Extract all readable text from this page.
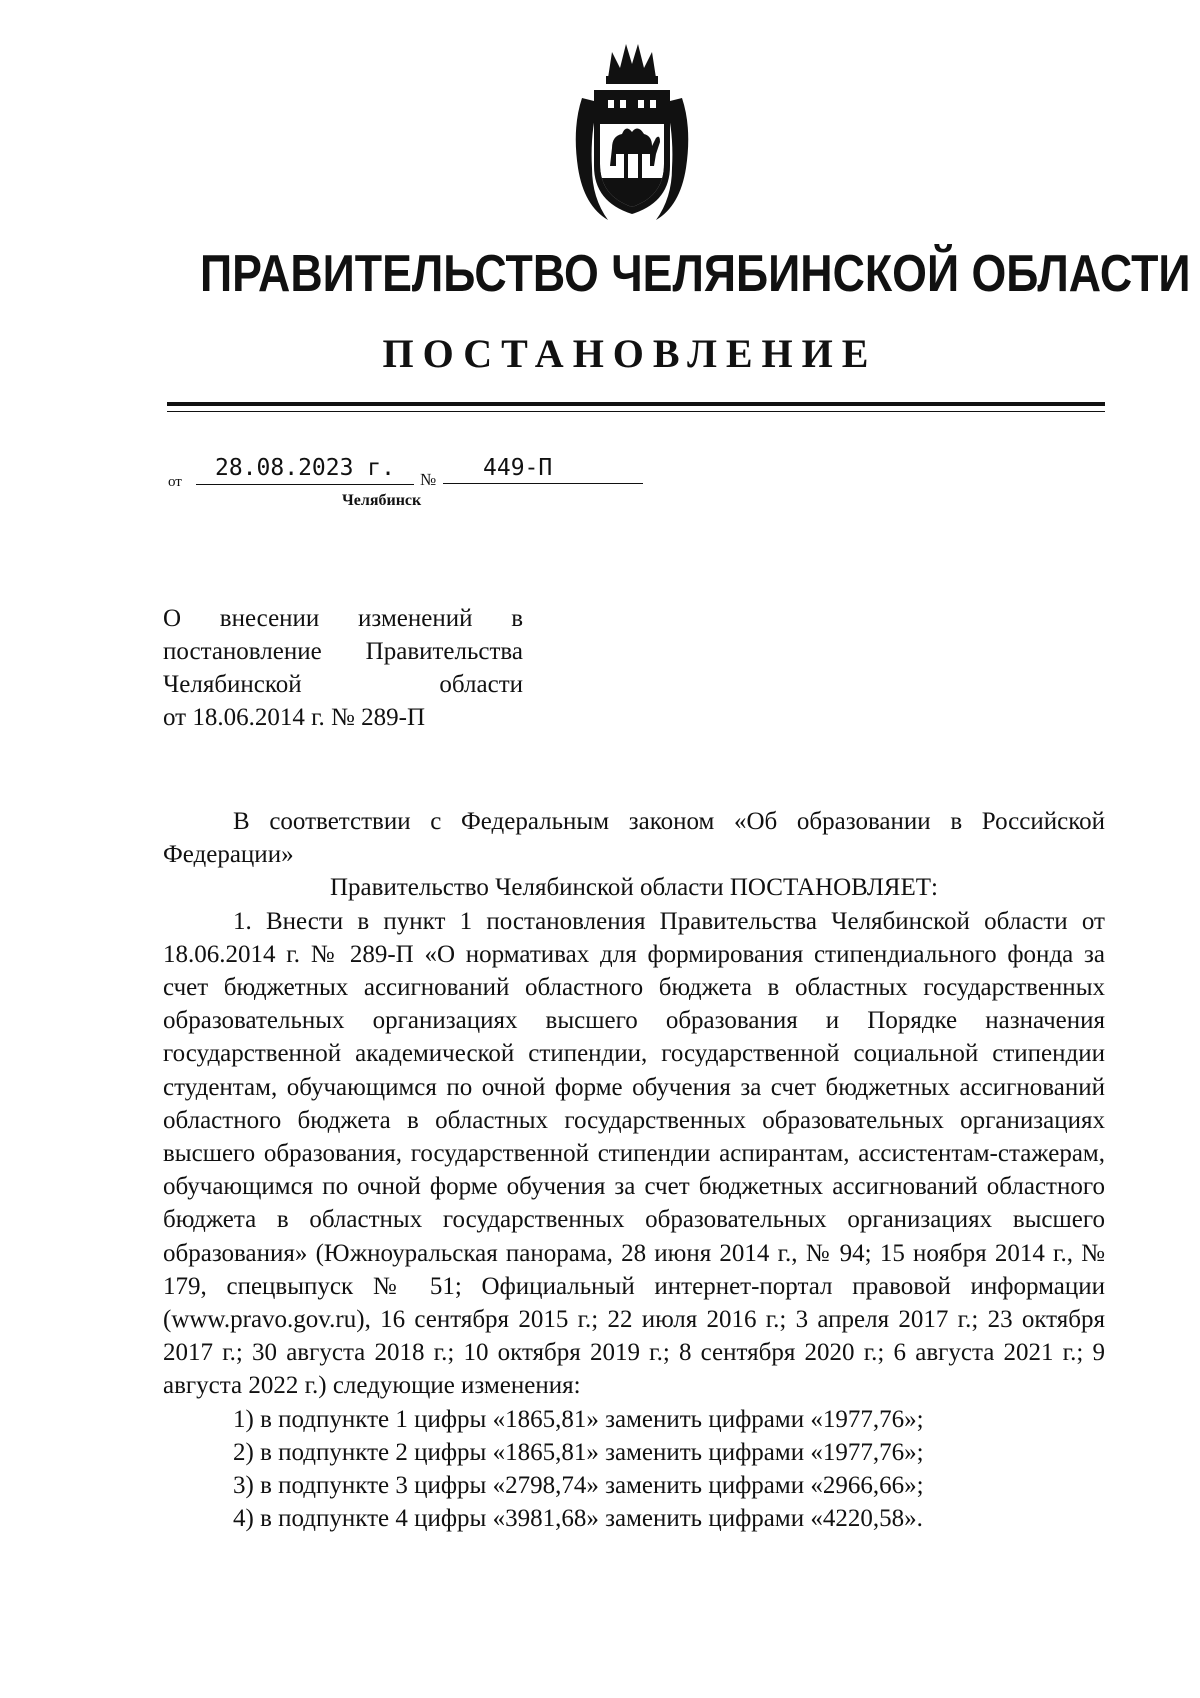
ПРАВИТЕЛЬСТВО ЧЕЛЯБИНСКОЙ ОБЛАСТИ
ПОСТАНОВЛЕНИЕ
от
28.08.2023 г.	№	449-П
Челябинск
О внесении изменений в
постановление Правительства
Челябинской области
от 18.06.2014 г. № 289-П

В соответствии с Федеральным законом «Об образовании в Российской Федерации»

Правительство Челябинской области ПОСТАНОВЛЯЕТ:

1. Внести в пункт 1 постановления Правительства Челябинской области от 18.06.2014 г. № 289-П «О нормативах для формирования стипендиального фонда за счет бюджетных ассигнований областного бюджета в областных государственных образовательных организациях высшего образования и Порядке назначения государственной академической стипендии, государственной социальной стипендии студентам, обучающимся по очной форме обучения за счет бюджетных ассигнований областного бюджета в областных государственных образовательных организациях высшего образования, государственной стипендии аспирантам, ассистентам-стажерам, обучающимся по очной форме обучения за счет бюджетных ассигнований областного бюджета в областных государственных образовательных организациях высшего образования» (Южноуральская панорама, 28 июня 2014 г., № 94; 15 ноября 2014 г., № 179, спецвыпуск № 51; Официальный интернет-портал правовой информации (www.pravo.gov.ru), 16 сентября 2015 г.; 22 июля 2016 г.; 3 апреля 2017 г.; 23 октября 2017 г.; 30 августа 2018 г.; 10 октября 2019 г.; 8 сентября 2020 г.; 6 августа 2021 г.; 9 августа 2022 г.) следующие изменения:

1) в подпункте 1 цифры «1865,81» заменить цифрами «1977,76»;

2) в подпункте 2 цифры «1865,81» заменить цифрами «1977,76»;

3) в подпункте 3 цифры «2798,74» заменить цифрами «2966,66»;

4) в подпункте 4 цифры «3981,68» заменить цифрами «4220,58».
